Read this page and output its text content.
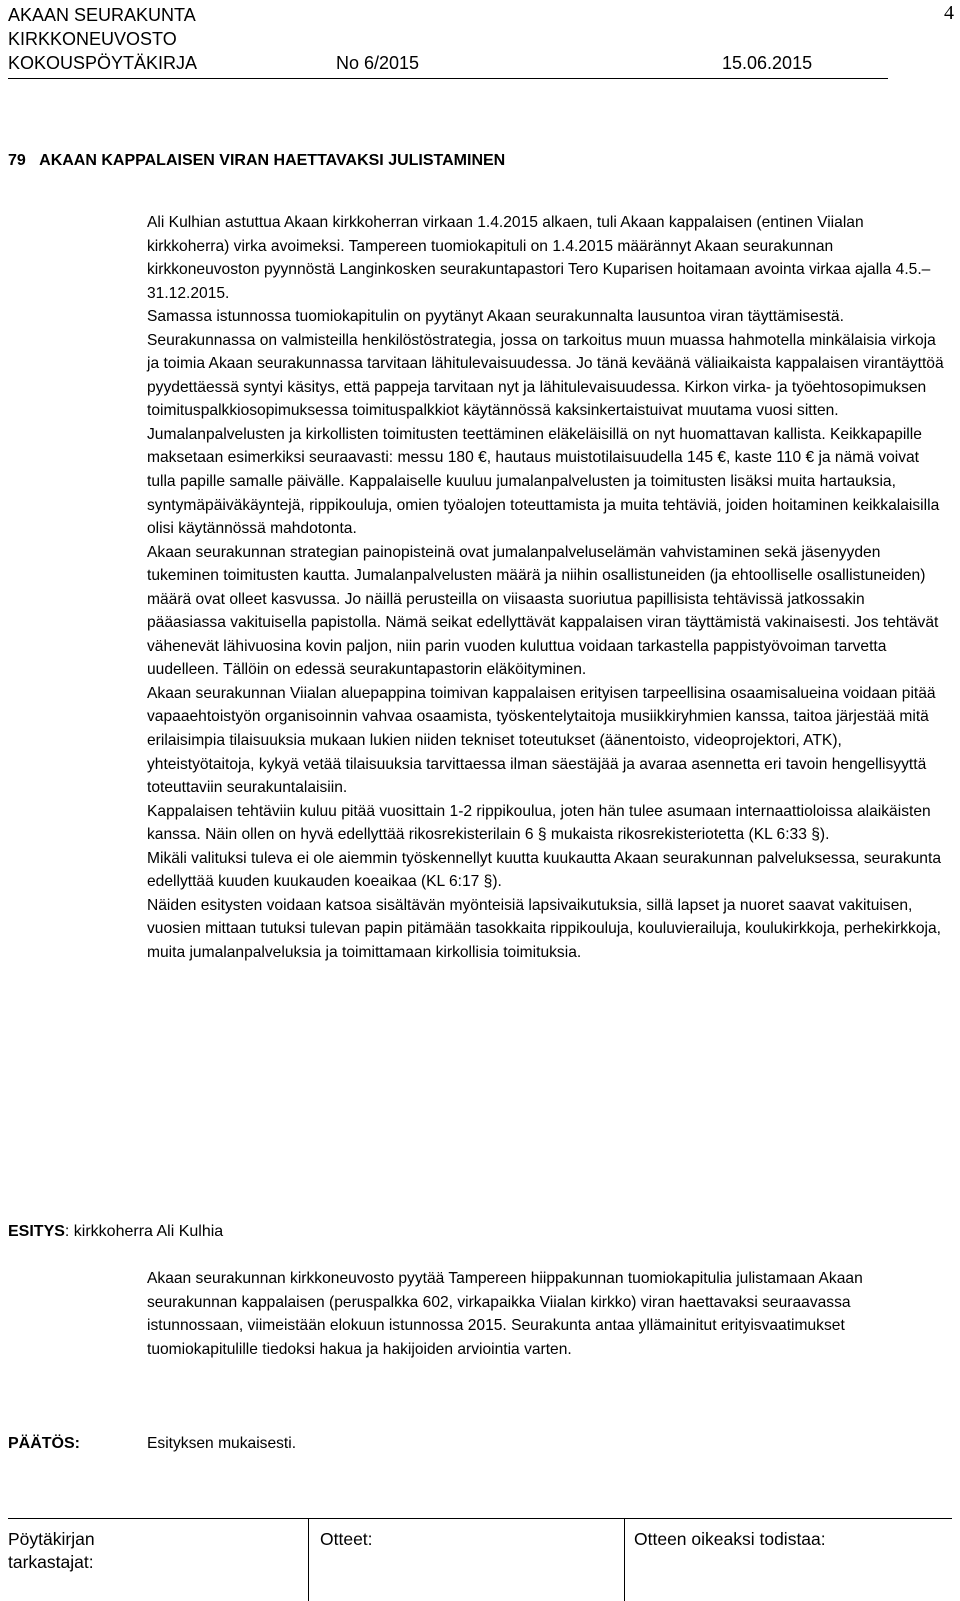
AKAAN SEURAKUNTA
KIRKKONEUVOSTO
KOKOUSPÖYTÄKIRJA	No 6/2015	15.06.2015
4
79 AKAAN KAPPALAISEN VIRAN HAETTAVAKSI JULISTAMINEN

Ali Kulhian astuttua Akaan kirkkoherran virkaan 1.4.2015 alkaen, tuli Akaan kappalaisen (entinen Viialan kirkkoherra) virka avoimeksi. Tampereen tuomiokapituli on 1.4.2015 määrännyt Akaan seurakunnan kirkkoneuvoston pyynnöstä Langinkosken seurakuntapastori Tero Kuparisen hoitamaan avointa virkaa ajalla 4.5.–31.12.2015.

Samassa istunnossa tuomiokapitulin on pyytänyt Akaan seurakunnalta lausuntoa viran täyttämisestä.

Seurakunnassa on valmisteilla henkilöstöstrategia, jossa on tarkoitus muun muassa hahmotella minkälaisia virkoja ja toimia Akaan seurakunnassa tarvitaan lähitulevaisuudessa. Jo tänä keväänä väliaikaista kappalaisen virantäyttöä pyydettäessä syntyi käsitys, että pappeja tarvitaan nyt ja lähitulevaisuudessa. Kirkon virka- ja työehtosopimuksen toimituspalkkiosopimuksessa toimituspalkkiot käytännössä kaksinkertaistuivat muutama vuosi sitten. Jumalanpalvelusten ja kirkollisten toimitusten teettäminen eläkeläisillä on nyt huomattavan kallista. Keikkapapille maksetaan esimerkiksi seuraavasti: messu 180 €, hautaus muistotilaisuudella 145 €, kaste 110 € ja nämä voivat tulla papille samalle päivälle. Kappalaiselle kuuluu jumalanpalvelusten ja toimitusten lisäksi muita hartauksia, syntymäpäiväkäyntejä, rippikouluja, omien työalojen toteuttamista ja muita tehtäviä, joiden hoitaminen keikkalaisilla olisi käytännössä mahdotonta.

Akaan seurakunnan strategian painopisteinä ovat jumalanpalveluselämän vahvistaminen sekä jäsenyyden tukeminen toimitusten kautta. Jumalanpalvelusten määrä ja niihin osallistuneiden (ja ehtoolliselle osallistuneiden) määrä ovat olleet kasvussa. Jo näillä perusteilla on viisaasta suoriutua papillisista tehtävissä jatkossakin pääasiassa vakituisella papistolla. Nämä seikat edellyttävät kappalaisen viran täyttämistä vakinaisesti. Jos tehtävät vähenevät lähivuosina kovin paljon, niin parin vuoden kuluttua voidaan tarkastella pappistyövoiman tarvetta uudelleen. Tällöin on edessä seurakuntapastorin eläköityminen.

Akaan seurakunnan Viialan aluepappina toimivan kappalaisen erityisen tarpeellisina osaamisalueina voidaan pitää vapaaehtoistyön organisoinnin vahvaa osaamista, työskentelytaitoja musiikkiryhmien kanssa, taitoa järjestää mitä erilaisimpia tilaisuuksia mukaan lukien niiden tekniset toteutukset (äänentoisto, videoprojektori, ATK), yhteistyötaitoja, kykyä vetää tilaisuuksia tarvittaessa ilman säestäjää ja avaraa asennetta eri tavoin hengellisyyttä toteuttaviin seurakuntalaisiin.

Kappalaisen tehtäviin kuluu pitää vuosittain 1-2 rippikoulua, joten hän tulee asumaan internaattioloissa alaikäisten kanssa. Näin ollen on hyvä edellyttää rikosrekisterilain 6 § mukaista rikosrekisteriotetta (KL 6:33 §).

Mikäli valituksi tuleva ei ole aiemmin työskennellyt kuutta kuukautta Akaan seurakunnan palveluksessa, seurakunta edellyttää kuuden kuukauden koeaikaa (KL 6:17 §).

Näiden esitysten voidaan katsoa sisältävän myönteisiä lapsivaikutuksia, sillä lapset ja nuoret saavat vakituisen, vuosien mittaan tutuksi tulevan papin pitämään tasokkaita rippikouluja, kouluvierailuja, koulukirkkoja, perhekirkkoja, muita jumalanpalveluksia ja toimittamaan kirkollisia toimituksia.

ESITYS: kirkkoherra Ali Kulhia

Akaan seurakunnan kirkkoneuvosto pyytää Tampereen hiippakunnan tuomiokapitulia julistamaan Akaan seurakunnan kappalaisen (peruspalkka 602, virkapaikka Viialan kirkko) viran haettavaksi seuraavassa istunnossaan, viimeistään elokuun istunnossa 2015. Seurakunta antaa yllämainitut erityisvaatimukset tuomiokapitulille tiedoksi hakua ja hakijoiden arviointia varten.

PÄÄTÖS:	Esityksen mukaisesti.

Pöytäkirjan tarkastajat:
Otteet:	Otteen oikeaksi todistaa:
